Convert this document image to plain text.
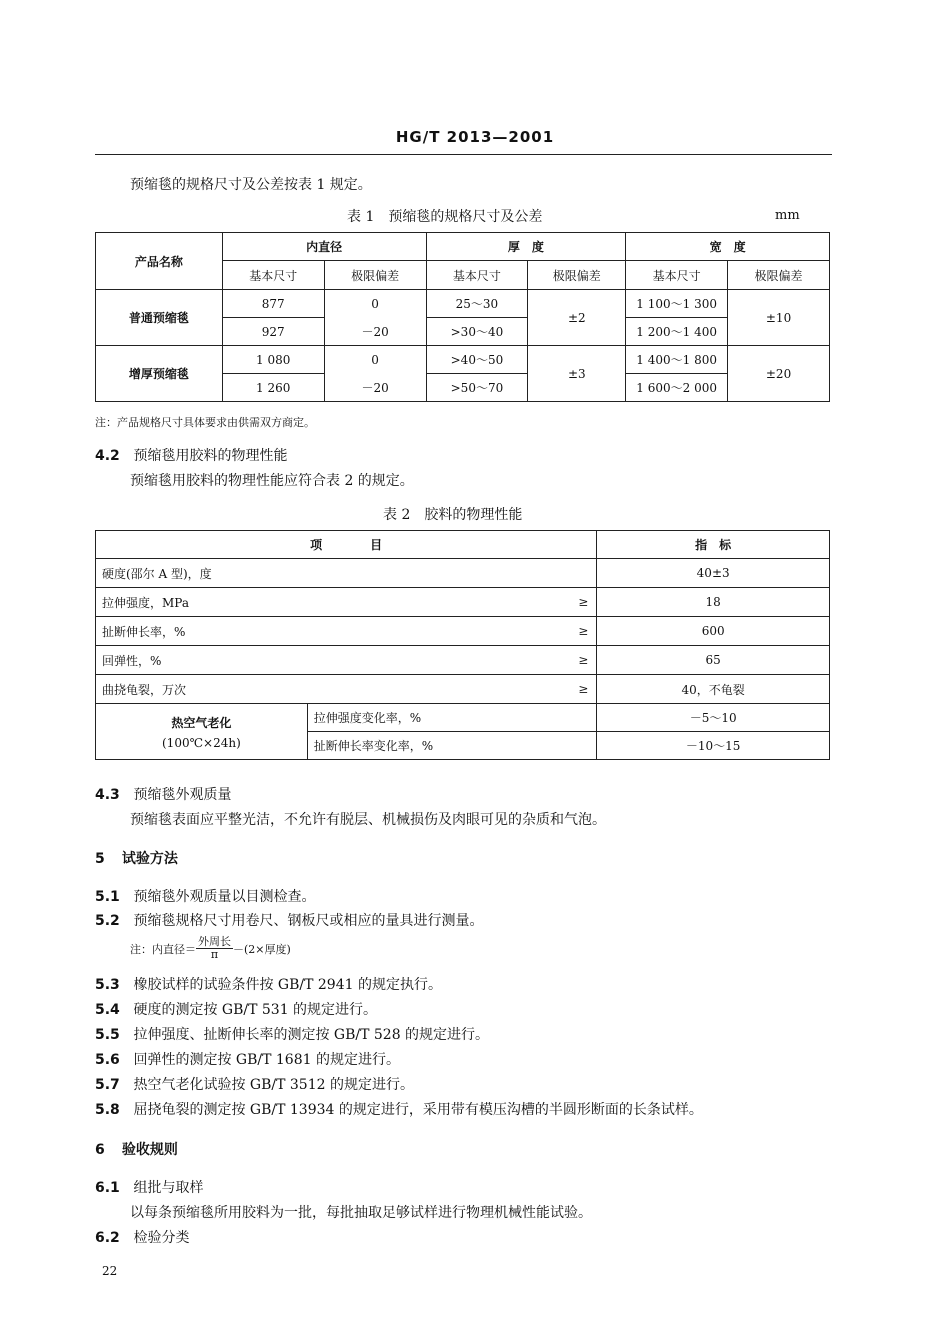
HG/T 2013—2001
预缩毯的规格尺寸及公差按表 1 规定。
表 1　预缩毯的规格尺寸及公差	mm
产品名称	内直径		厚　度		宽　度	
	基本尺寸	极限偏差	基本尺寸	极限偏差	基本尺寸	极限偏差
普通预缩毯	877	0	25～30	±2	1 100～1 300	±10
	927	－20	>30～40		1 200～1 400	
增厚预缩毯	1 080	0	>40～50	±3	1 400～1 800	±20
	1 260	－20	>50～70		1 600～2 000	
注：产品规格尺寸具体要求由供需双方商定。
4.2 预缩毯用胶料的物理性能
预缩毯用胶料的物理性能应符合表 2 的规定。
表 2　胶料的物理性能
项　　　　目		指　标
硬度(邵尔 A 型)，度		40±3
拉伸强度，MPa	≥	18
扯断伸长率，%	≥	600
回弹性，%	≥	65
曲挠龟裂，万次	≥	40，不龟裂

热空气老化
(100℃×24h)	拉伸强度变化率，%	－5～10
	扯断伸长率变化率，%	－10～15
4.3 预缩毯外观质量
预缩毯表面应平整光洁，不允许有脱层、机械损伤及肉眼可见的杂质和气泡。
5 试验方法
5.1 预缩毯外观质量以目测检查。
5.2 预缩毯规格尺寸用卷尺、钢板尺或相应的量具进行测量。
注：内直径＝ $\frac{\text{外周长}}{\pi} -(2\times$厚度)
5.3 橡胶试样的试验条件按 GB/T 2941 的规定执行。
5.4 硬度的测定按 GB/T 531 的规定进行。
5.5 拉伸强度、扯断伸长率的测定按 GB/T 528 的规定进行。
5.6 回弹性的测定按 GB/T 1681 的规定进行。
5.7 热空气老化试验按 GB/T 3512 的规定进行。
5.8 屈挠龟裂的测定按 GB/T 13934 的规定进行，采用带有模压沟槽的半圆形断面的长条试样。
6 验收规则
6.1 组批与取样
以每条预缩毯所用胶料为一批，每批抽取足够试样进行物理机械性能试验。
6.2 检验分类
22
